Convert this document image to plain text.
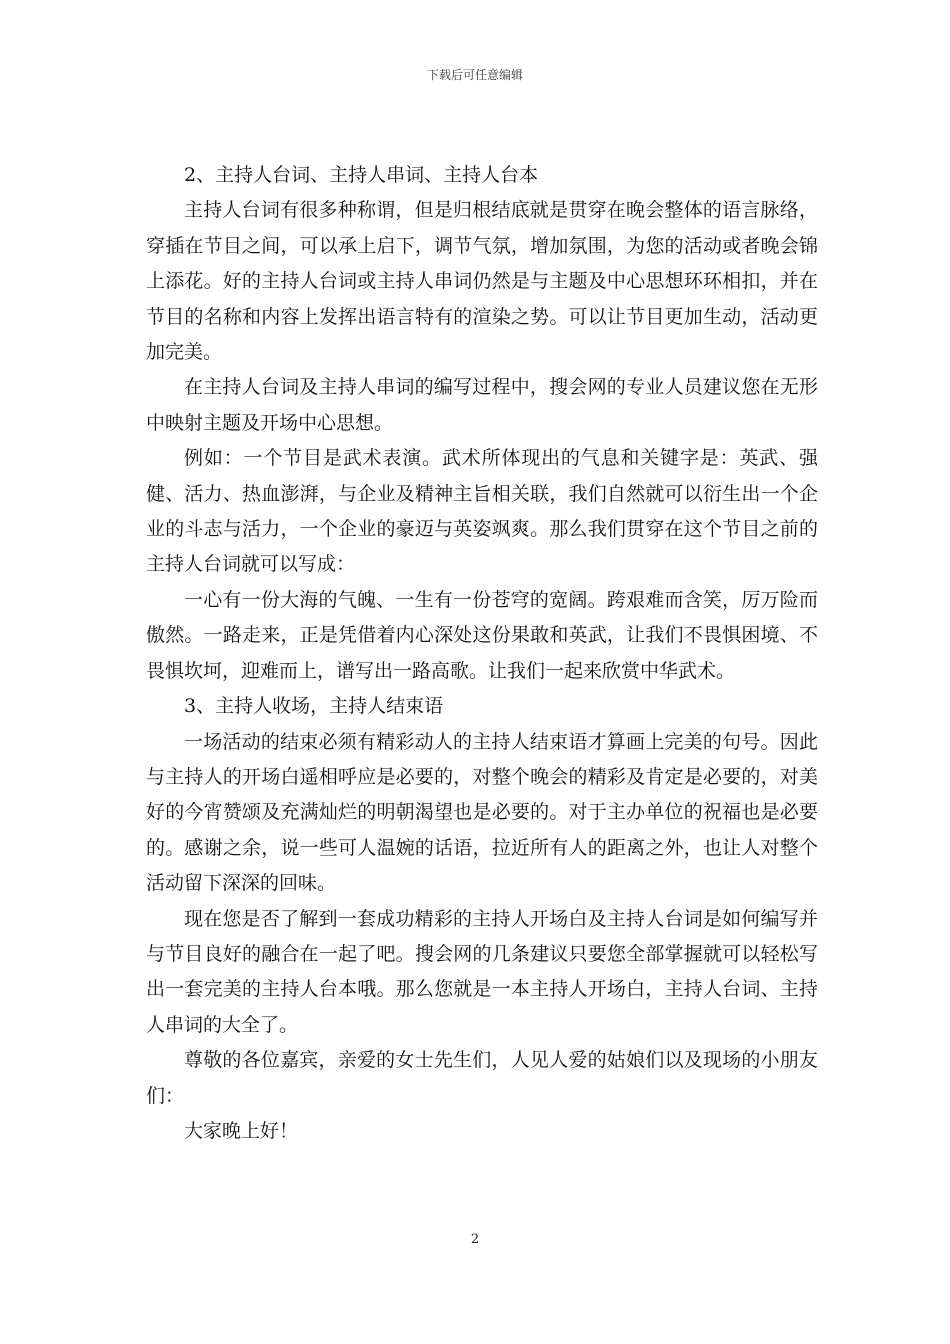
下载后可任意编辑

2、主持人台词、主持人串词、主持人台本

主持人台词有很多种称谓，但是归根结底就是贯穿在晚会整体的语言脉络，穿插在节目之间，可以承上启下，调节气氛，增加氛围，为您的活动或者晚会锦上添花。好的主持人台词或主持人串词仍然是与主题及中心思想环环相扣，并在节目的名称和内容上发挥出语言特有的渲染之势。可以让节目更加生动，活动更加完美。

在主持人台词及主持人串词的编写过程中，搜会网的专业人员建议您在无形中映射主题及开场中心思想。

例如：一个节目是武术表演。武术所体现出的气息和关键字是：英武、强健、活力、热血澎湃，与企业及精神主旨相关联，我们自然就可以衍生出一个企业的斗志与活力，一个企业的豪迈与英姿飒爽。那么我们贯穿在这个节目之前的主持人台词就可以写成：

一心有一份大海的气魄、一生有一份苍穹的宽阔。跨艰难而含笑，厉万险而傲然。一路走来，正是凭借着内心深处这份果敢和英武，让我们不畏惧困境、不畏惧坎坷，迎难而上，谱写出一路高歌。让我们一起来欣赏中华武术。

3、主持人收场，主持人结束语

一场活动的结束必须有精彩动人的主持人结束语才算画上完美的句号。因此与主持人的开场白遥相呼应是必要的，对整个晚会的精彩及肯定是必要的，对美好的今宵赞颂及充满灿烂的明朝渴望也是必要的。对于主办单位的祝福也是必要的。感谢之余，说一些可人温婉的话语，拉近所有人的距离之外，也让人对整个活动留下深深的回味。

现在您是否了解到一套成功精彩的主持人开场白及主持人台词是如何编写并与节目良好的融合在一起了吧。搜会网的几条建议只要您全部掌握就可以轻松写出一套完美的主持人台本哦。那么您就是一本主持人开场白，主持人台词、主持人串词的大全了。

尊敬的各位嘉宾，亲爱的女士先生们，人见人爱的姑娘们以及现场的小朋友们：

大家晚上好！

2
